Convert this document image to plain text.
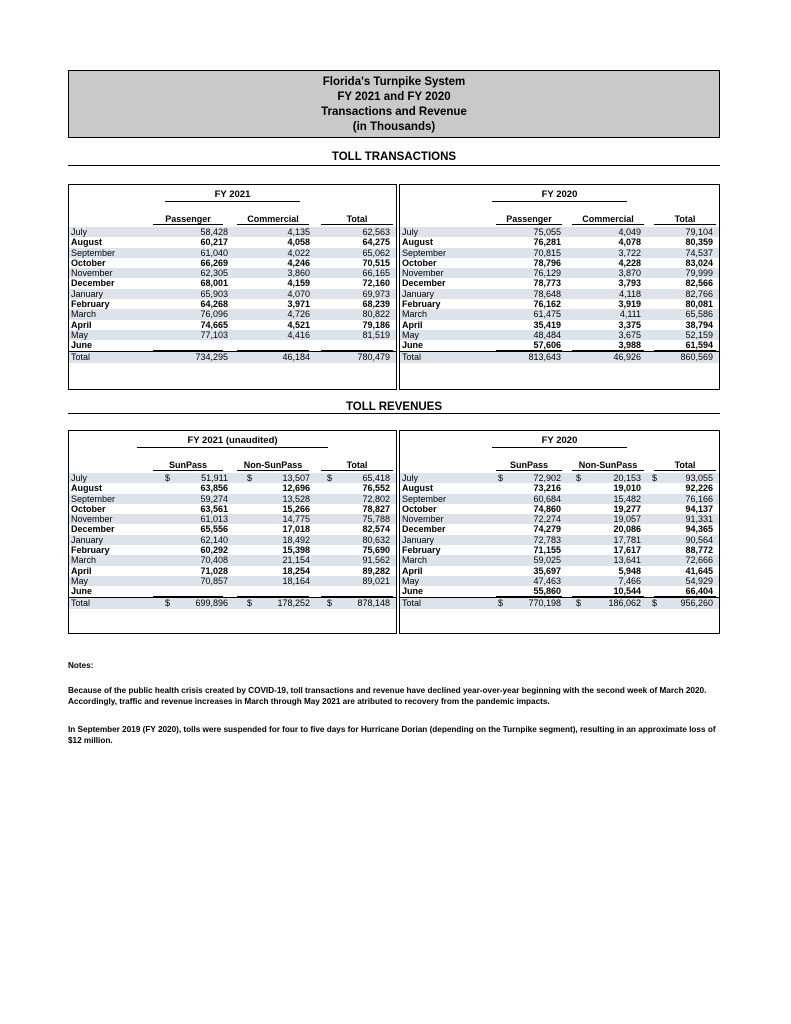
Florida's Turnpike System
FY 2021 and FY 2020
Transactions and Revenue
(in Thousands)
TOLL TRANSACTIONS
FY 2021
Passenger	Commercial	Total
July	58,428	4,135	62,563
August	60,217	4,058	64,275
September	61,040	4,022	65,062
October	66,269	4,246	70,515
November	62,305	3,860	66,165
December	68,001	4,159	72,160
January	65,903	4,070	69,973
February	64,268	3,971	68,239
March	76,096	4,726	80,822
April	74,665	4,521	79,186
May	77,103	4,416	81,519
June
Total	734,295	46,184	780,479
FY 2020
Passenger	Commercial	Total
July	75,055	4,049	79,104
August	76,281	4,078	80,359
September	70,815	3,722	74,537
October	78,796	4,228	83,024
November	76,129	3,870	79,999
December	78,773	3,793	82,566
January	78,648	4,118	82,766
February	76,162	3,919	80,081
March	61,475	4,111	65,586
April	35,419	3,375	38,794
May	48,484	3,675	52,159
June	57,606	3,988	61,594
Total	813,643	46,926	860,569
TOLL REVENUES
FY 2021 (unaudited)
SunPass	Non-SunPass	Total
July	$	51,911 $	13,507 $	65,418
August	63,856	12,696	76,552
September	59,274	13,528	72,802
October	63,561	15,266	78,827
November	61,013	14,775	75,788
December	65,556	17,018	82,574
January	62,140	18,492	80,632
February	60,292	15,398	75,690
March	70,408	21,154	91,562
April	71,028	18,254	89,282
May	70,857	18,164	89,021
June
Total	$	699,896 $	178,252 $	878,148
FY 2020
SunPass	Non-SunPass	Total
July	$	72,902 $	20,153 $	93,055
August	73,216	19,010	92,226
September	60,684	15,482	76,166
October	74,860	19,277	94,137
November	72,274	19,057	91,331
December	74,279	20,086	94,365
January	72,783	17,781	90,564
February	71,155	17,617	88,772
March	59,025	13,641	72,666
April	35,697	5,948	41,645
May	47,463	7,466	54,929
June	55,860	10,544	66,404
Total	$	770,198 $	186,062 $	956,260
Notes:
Because of the public health crisis created by COVID-19, toll transactions and revenue have declined year-over-year beginning with the second week of March 2020. Accordingly, traffic and revenue increases in March through May 2021 are atributed to recovery from the pandemic impacts.
In September 2019 (FY 2020), tolls were suspended for four to five days for Hurricane Dorian (depending on the Turnpike segment), resulting in an approximate loss of $12 million.
